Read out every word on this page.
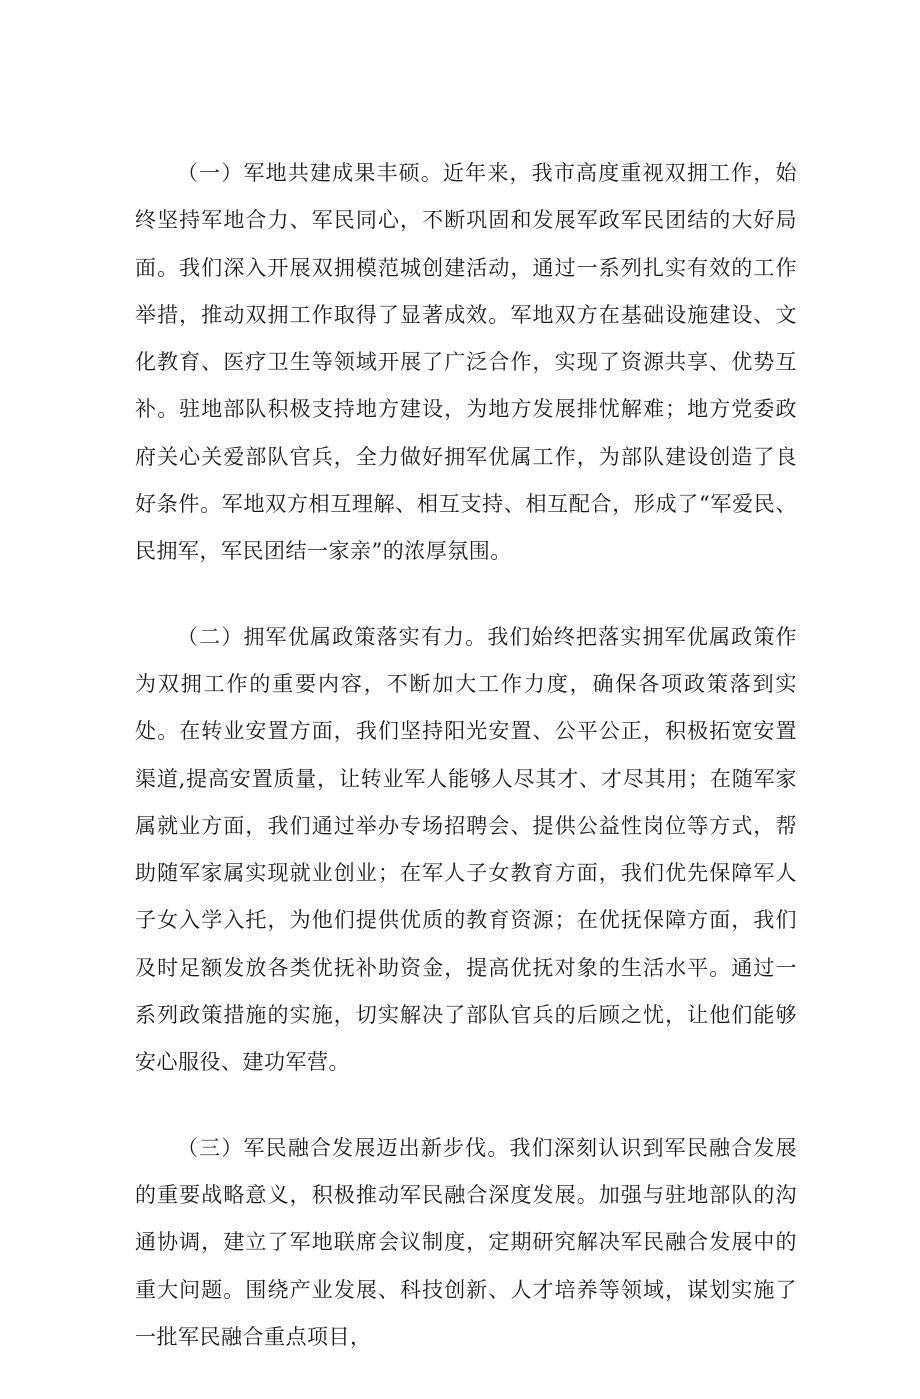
（一）军地共建成果丰硕。近年来，我市高度重视双拥工作，始终坚持军地合力、军民同心，不断巩固和发展军政军民团结的大好局面。我们深入开展双拥模范城创建活动，通过一系列扎实有效的工作举措，推动双拥工作取得了显著成效。军地双方在基础设施建设、文化教育、医疗卫生等领域开展了广泛合作，实现了资源共享、优势互补。驻地部队积极支持地方建设，为地方发展排忧解难；地方党委政府关心关爱部队官兵，全力做好拥军优属工作，为部队建设创造了良好条件。军地双方相互理解、相互支持、相互配合，形成了“军爱民、民拥军，军民团结一家亲”的浓厚氛围。

（二）拥军优属政策落实有力。我们始终把落实拥军优属政策作为双拥工作的重要内容，不断加大工作力度，确保各项政策落到实处。在转业安置方面，我们坚持阳光安置、公平公正，积极拓宽安置渠道,提高安置质量，让转业军人能够人尽其才、才尽其用；在随军家属就业方面，我们通过举办专场招聘会、提供公益性岗位等方式，帮助随军家属实现就业创业；在军人子女教育方面，我们优先保障军人子女入学入托，为他们提供优质的教育资源；在优抚保障方面，我们及时足额发放各类优抚补助资金，提高优抚对象的生活水平。通过一系列政策措施的实施，切实解决了部队官兵的后顾之忧，让他们能够安心服役、建功军营。

（三）军民融合发展迈出新步伐。我们深刻认识到军民融合发展的重要战略意义，积极推动军民融合深度发展。加强与驻地部队的沟通协调，建立了军地联席会议制度，定期研究解决军民融合发展中的重大问题。围绕产业发展、科技创新、人才培养等领域，谋划实施了一批军民融合重点项目，
